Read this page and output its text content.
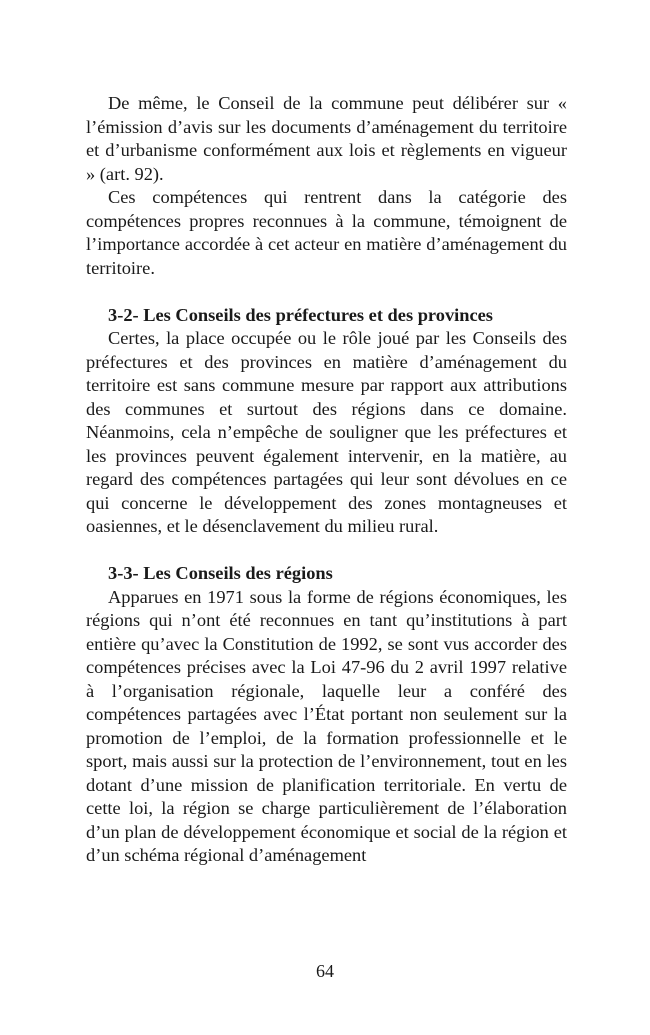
De même, le Conseil de la commune peut délibérer sur « l’émission d’avis sur les documents d’aménagement du territoire et d’urbanisme conformément aux lois et règlements en vigueur » (art. 92).

Ces compétences qui rentrent dans la catégorie des compétences propres reconnues à la commune, témoignent de l’importance accordée à cet acteur en matière d’aménagement du territoire.

3-2- Les Conseils des préfectures et des provinces

Certes, la place occupée ou le rôle joué par les Conseils des préfectures et des provinces en matière d’aménagement du territoire est sans commune mesure par rapport aux attributions des communes et surtout des régions dans ce domaine. Néanmoins, cela n’empêche de souligner que les préfectures et les provinces peuvent également intervenir, en la matière, au regard des compétences partagées qui leur sont dévolues en ce qui concerne le développement des zones montagneuses et oasiennes, et le désenclavement du milieu rural.

3-3- Les Conseils des régions

Apparues en 1971 sous la forme de régions économiques, les régions qui n’ont été reconnues en tant qu’institutions à part entière qu’avec la Constitution de 1992, se sont vus accorder des compétences précises avec la Loi 47-96 du 2 avril 1997 relative à l’organisation régionale, laquelle leur a conféré des compétences partagées avec l’État portant non seulement sur la promotion de l’emploi, de la formation professionnelle et le sport, mais aussi sur la protection de l’environnement, tout en les dotant d’une mission de planification territoriale. En vertu de cette loi, la région se charge particulièrement de l’élaboration d’un plan de développement économique et social de la région et d’un schéma régional d’aménagement

64
